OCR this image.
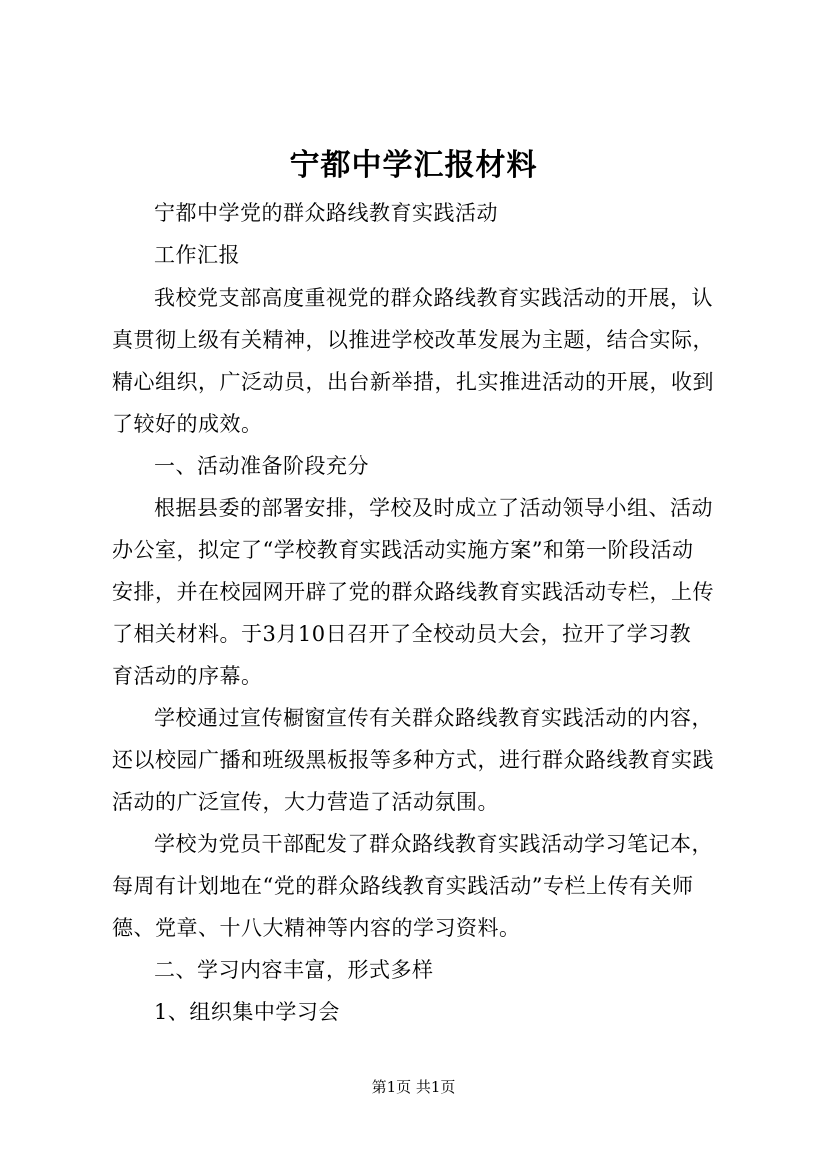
宁都中学汇报材料

宁都中学党的群众路线教育实践活动

工作汇报

我校党支部高度重视党的群众路线教育实践活动的开展，认

真贯彻上级有关精神，以推进学校改革发展为主题，结合实际，

精心组织，广泛动员，出台新举措，扎实推进活动的开展，收到

了较好的成效。

一、活动准备阶段充分

根据县委的部署安排，学校及时成立了活动领导小组、活动

办公室，拟定了“学校教育实践活动实施方案”和第一阶段活动

安排，并在校园网开辟了党的群众路线教育实践活动专栏，上传

了相关材料。于3月10日召开了全校动员大会，拉开了学习教

育活动的序幕。

学校通过宣传橱窗宣传有关群众路线教育实践活动的内容，

还以校园广播和班级黑板报等多种方式，进行群众路线教育实践

活动的广泛宣传，大力营造了活动氛围。

学校为党员干部配发了群众路线教育实践活动学习笔记本，

每周有计划地在“党的群众路线教育实践活动”专栏上传有关师

德、党章、十八大精神等内容的学习资料。

二、学习内容丰富，形式多样

1、组织集中学习会

第1页 共1页
